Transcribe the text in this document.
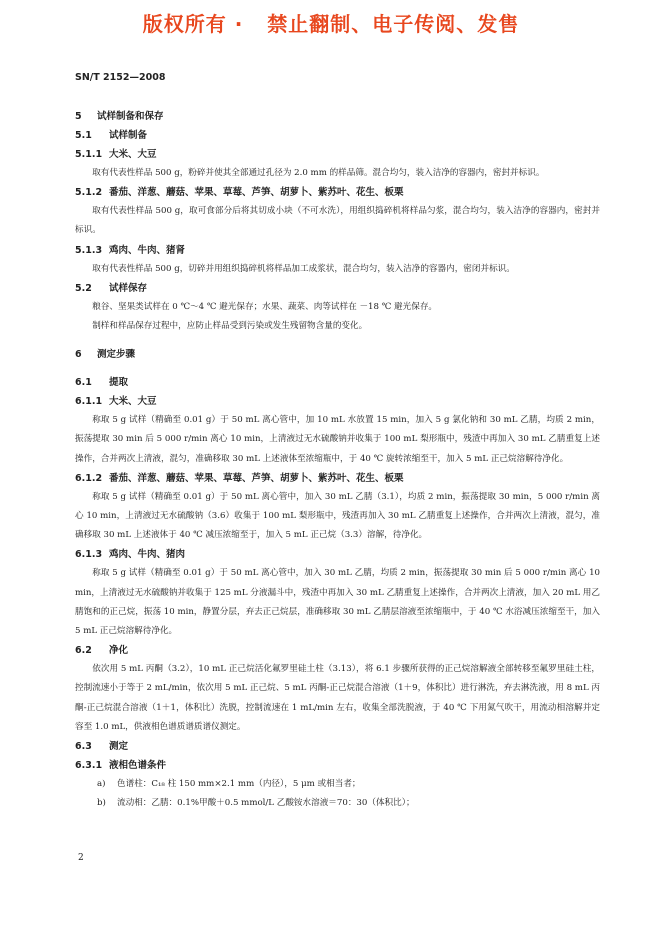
版权所有 ·   禁止翻制、电子传阅、发售
SN/T 2152—2008
5 试样制备和保存
5.1 试样制备
5.1.1 大米、大豆
取有代表性样品 500 g，粉碎并使其全部通过孔径为 2.0 mm 的样品筛。混合均匀，装入洁净的容器内，密封并标识。
5.1.2 番茄、洋葱、蘑菇、苹果、草莓、芦笋、胡萝卜、紫苏叶、花生、板栗
取有代表性样品 500 g，取可食部分后将其切成小块（不可水洗），用组织捣碎机将样品匀浆，混合均匀，装入洁净的容器内，密封并标识。
5.1.3 鸡肉、牛肉、猪肾
取有代表性样品 500 g，切碎并用组织捣碎机将样品加工成浆状，混合均匀，装入洁净的容器内，密闭并标识。
5.2 试样保存
粮谷、坚果类试样在 0 ℃～4 ℃ 避光保存；水果、蔬菜、肉等试样在 －18 ℃ 避光保存。
制样和样品保存过程中，应防止样品受到污染或发生残留物含量的变化。
6 测定步骤
6.1 提取
6.1.1 大米、大豆
称取 5 g 试样（精确至 0.01 g）于 50 mL 离心管中，加 10 mL 水放置 15 min，加入 5 g 氯化钠和 30 mL 乙腈，均质 2 min，振荡提取 30 min 后 5 000 r/min 离心 10 min，上清液过无水硫酸钠并收集于 100 mL 梨形瓶中，残渣中再加入 30 mL 乙腈重复上述操作，合并两次上清液，混匀，准确移取 30 mL 上述液体至浓缩瓶中，于 40 ℃ 旋转浓缩至干，加入 5 mL 正己烷溶解待净化。
6.1.2 番茄、洋葱、蘑菇、苹果、草莓、芦笋、胡萝卜、紫苏叶、花生、板栗
称取 5 g 试样（精确至 0.01 g）于 50 mL 离心管中，加入 30 mL 乙腈（3.1），均质 2 min，振荡提取 30 min，5 000 r/min 离心 10 min，上清液过无水硫酸钠（3.6）收集于 100 mL 梨形瓶中，残渣再加入 30 mL 乙腈重复上述操作，合并两次上清液，混匀，准确移取 30 mL 上述液体于 40 ℃ 减压浓缩至于，加入 5 mL 正己烷（3.3）溶解，待净化。
6.1.3 鸡肉、牛肉、猪肉
称取 5 g 试样（精确至 0.01 g）于 50 mL 离心管中，加入 30 mL 乙腈，均质 2 min，振荡提取 30 min 后 5 000 r/min 离心 10 min，上清液过无水硫酸钠并收集于 125 mL 分液漏斗中，残渣中再加入 30 mL 乙腈重复上述操作，合并两次上清液，加入 20 mL 用乙腈饱和的正己烷，振荡 10 min，静置分层，弃去正己烷层，准确移取 30 mL 乙腈层溶液至浓缩瓶中，于 40 ℃ 水浴减压浓缩至干，加入 5 mL 正己烷溶解待净化。
6.2 净化
依次用 5 mL 丙酮（3.2），10 mL 正己烷活化氟罗里硅土柱（3.13），将 6.1 步骤所获得的正己烷溶解液全部转移至氟罗里硅土柱，控制流速小于等于 2 mL/min，依次用 5 mL 正己烷、5 mL 丙酮-正己烷混合溶液（1＋9，体积比）进行淋洗，弃去淋洗液，用 8 mL 丙酮-正己烷混合溶液（1＋1，体积比）洗脱，控制流速在 1 mL/min 左右，收集全部洗脱液，于 40 ℃ 下用氮气吹干，用流动相溶解并定容至 1.0 mL，供液相色谱质谱质谱仪测定。
6.3 测定
6.3.1 液相色谱条件
a) 色谱柱：C₁₈ 柱 150 mm×2.1 mm（内径），5 μm 或相当者；
b) 流动相：乙腈：0.1%甲酸＋0.5 mmol/L 乙酸铵水溶液＝70：30（体积比）；
2
